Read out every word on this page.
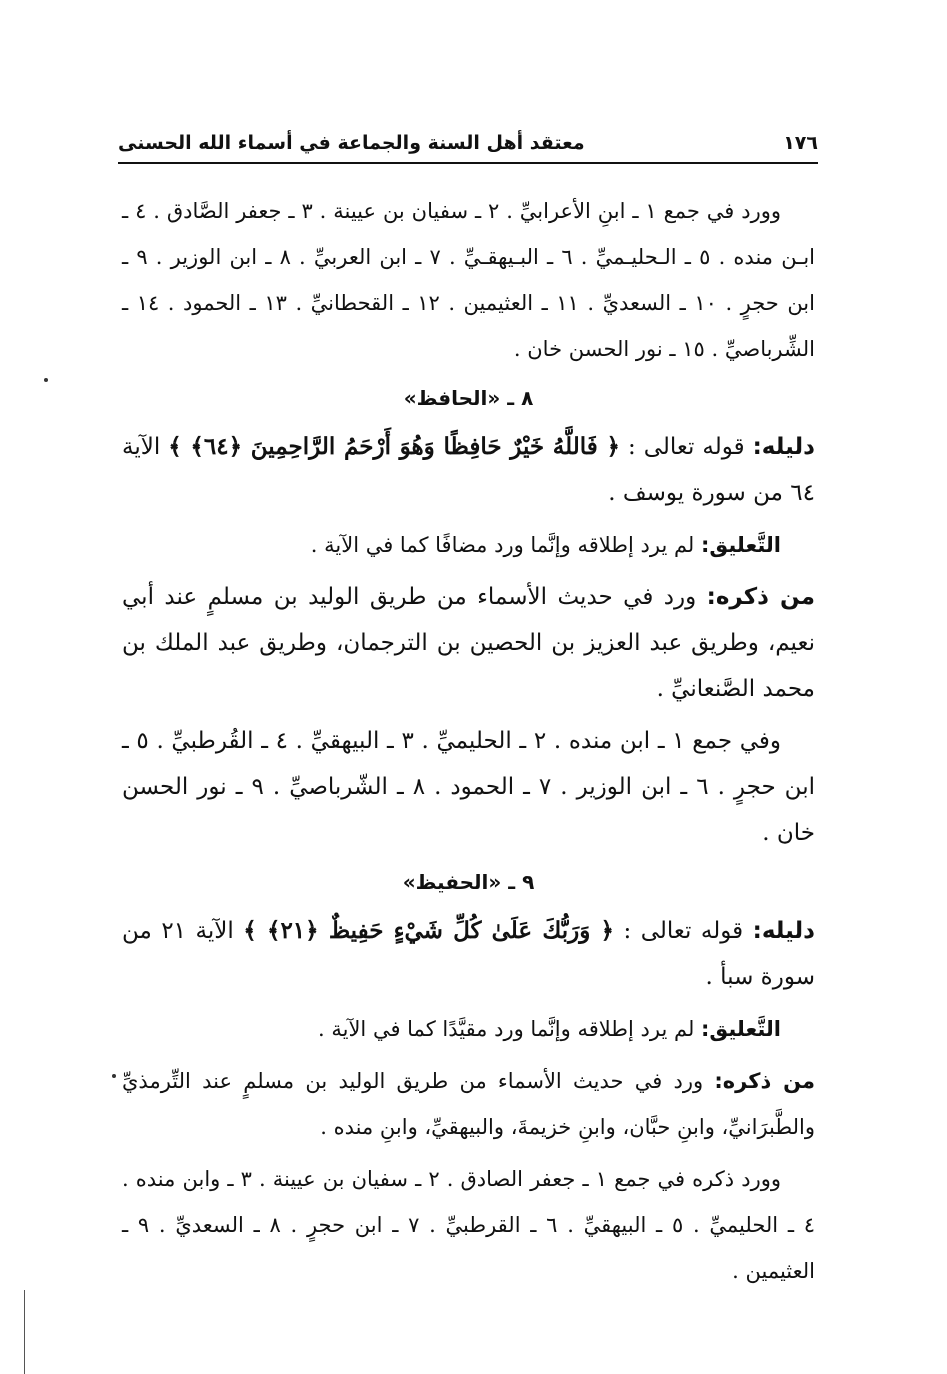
١٧٦
معتقد أهل السنة والجماعة في أسماء الله الحسنى

وورد في جمع ١ ـ ابنِ الأعرابيِّ . ٢ ـ سفيان بن عيينة . ٣ ـ جعفر الصَّادق . ٤ ـ ابـن منده . ٥ ـ الـحليـميِّ . ٦ ـ البـيهقـيِّ . ٧ ـ ابن العربيِّ . ٨ ـ ابن الوزير . ٩ ـ ابن حجرٍ . ١٠ ـ السعديِّ . ١١ ـ العثيمين . ١٢ ـ القحطانيِّ . ١٣ ـ الحمود . ١٤ ـ الشِّرباصيِّ . ١٥ ـ نور الحسن خان .

٨ ـ «الحافظ»

دليله: قوله تعالى : ﴿ فَاللَّهُ خَيْرٌ حَافِظًا وَهُوَ أَرْحَمُ الرَّاحِمِينَ ﴿٦٤﴾ ﴾ الآية ٦٤ من سورة يوسف .

التَّعليق: لم يرد إطلاقه وإنَّما ورد مضافًا كما في الآية .

من ذكره: ورد في حديث الأسماء من طريق الوليد بن مسلمٍ عند أبي نعيم، وطريق عبد العزيز بن الحصين بن الترجمان، وطريق عبد الملك بن محمد الصَّنعانيِّ .

وفي جمع ١ ـ ابن منده . ٢ ـ الحليميِّ . ٣ ـ البيهقيِّ . ٤ ـ القُرطبيِّ . ٥ ـ ابن حجرٍ . ٦ ـ ابن الوزير . ٧ ـ الحمود . ٨ ـ الشّرباصيِّ . ٩ ـ نور الحسن خان .

٩ ـ «الحفيظ»

دليله: قوله تعالى : ﴿ وَرَبُّكَ عَلَىٰ كُلِّ شَيْءٍ حَفِيظٌ ﴿٢١﴾ ﴾ الآية ٢١ من سورة سبأ .

التَّعليق: لم يرد إطلاقه وإنَّما ورد مقيَّدًا كما في الآية .

من ذكره: ورد في حديث الأسماء من طريق الوليد بن مسلمٍ عند التِّرمذيِّ والطَّبرَانيِّ، وابنِ حبَّان، وابنِ خزيمةَ، والبيهقيِّ، وابنِ منده .

وورد ذكره في جمع ١ ـ جعفر الصادق . ٢ ـ سفيان بن عيينة . ٣ ـ وابن منده . ٤ ـ الحليميِّ . ٥ ـ البيهقيِّ . ٦ ـ القرطبيِّ . ٧ ـ ابن حجرٍ . ٨ ـ السعديِّ . ٩ ـ العثيمين .
